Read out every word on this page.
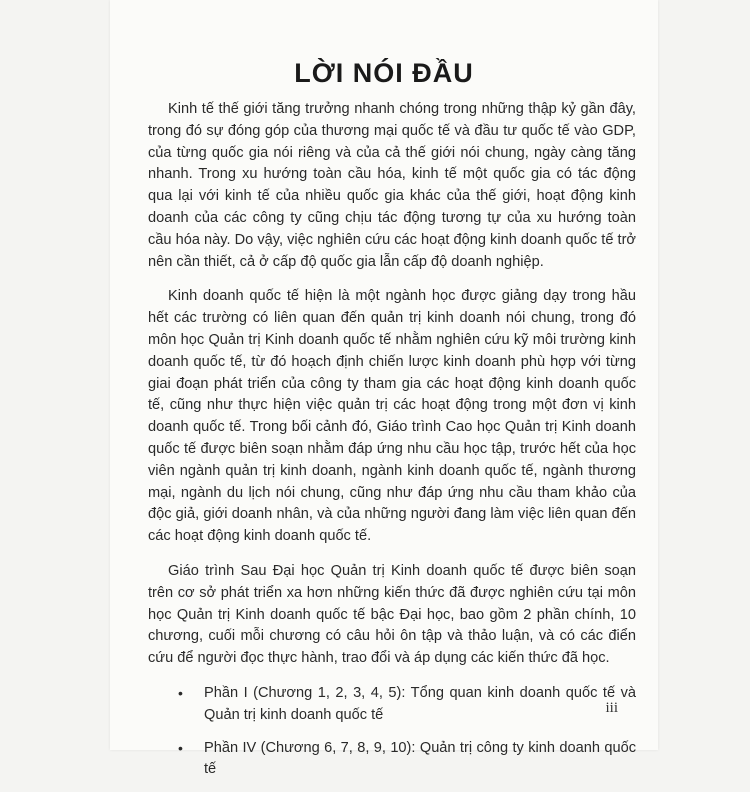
LỜI NÓI ĐẦU

Kinh tế thế giới tăng trưởng nhanh chóng trong những thập kỷ gần đây, trong đó sự đóng góp của thương mại quốc tế và đầu tư quốc tế vào GDP, của từng quốc gia nói riêng và của cả thế giới nói chung, ngày càng tăng nhanh. Trong xu hướng toàn cầu hóa, kinh tế một quốc gia có tác động qua lại với kinh tế của nhiều quốc gia khác của thế giới, hoạt động kinh doanh của các công ty cũng chịu tác động tương tự của xu hướng toàn cầu hóa này. Do vậy, việc nghiên cứu các hoạt động kinh doanh quốc tế trở nên cần thiết, cả ở cấp độ quốc gia lẫn cấp độ doanh nghiệp.

Kinh doanh quốc tế hiện là một ngành học được giảng dạy trong hầu hết các trường có liên quan đến quản trị kinh doanh nói chung, trong đó môn học Quản trị Kinh doanh quốc tế nhằm nghiên cứu kỹ môi trường kinh doanh quốc tế, từ đó hoạch định chiến lược kinh doanh phù hợp với từng giai đoạn phát triển của công ty tham gia các hoạt động kinh doanh quốc tế, cũng như thực hiện việc quản trị các hoạt động trong một đơn vị kinh doanh quốc tế. Trong bối cảnh đó, Giáo trình Cao học Quản trị Kinh doanh quốc tế được biên soạn nhằm đáp ứng nhu cầu học tập, trước hết của học viên ngành quản trị kinh doanh, ngành kinh doanh quốc tế, ngành thương mại, ngành du lịch nói chung, cũng như đáp ứng nhu cầu tham khảo của độc giả, giới doanh nhân, và của những người đang làm việc liên quan đến các hoạt động kinh doanh quốc tế.

Giáo trình Sau Đại học Quản trị Kinh doanh quốc tế được biên soạn trên cơ sở phát triển xa hơn những kiến thức đã được nghiên cứu tại môn học Quản trị Kinh doanh quốc tế bậc Đại học, bao gồm 2 phần chính, 10 chương, cuối mỗi chương có câu hỏi ôn tập và thảo luận, và có các điển cứu để người đọc thực hành, trao đổi và áp dụng các kiến thức đã học.

• Phần I (Chương 1, 2, 3, 4, 5): Tổng quan kinh doanh quốc tế và Quản trị kinh doanh quốc tế
• Phần IV (Chương 6, 7, 8, 9, 10): Quản trị công ty kinh doanh quốc tế
iii
